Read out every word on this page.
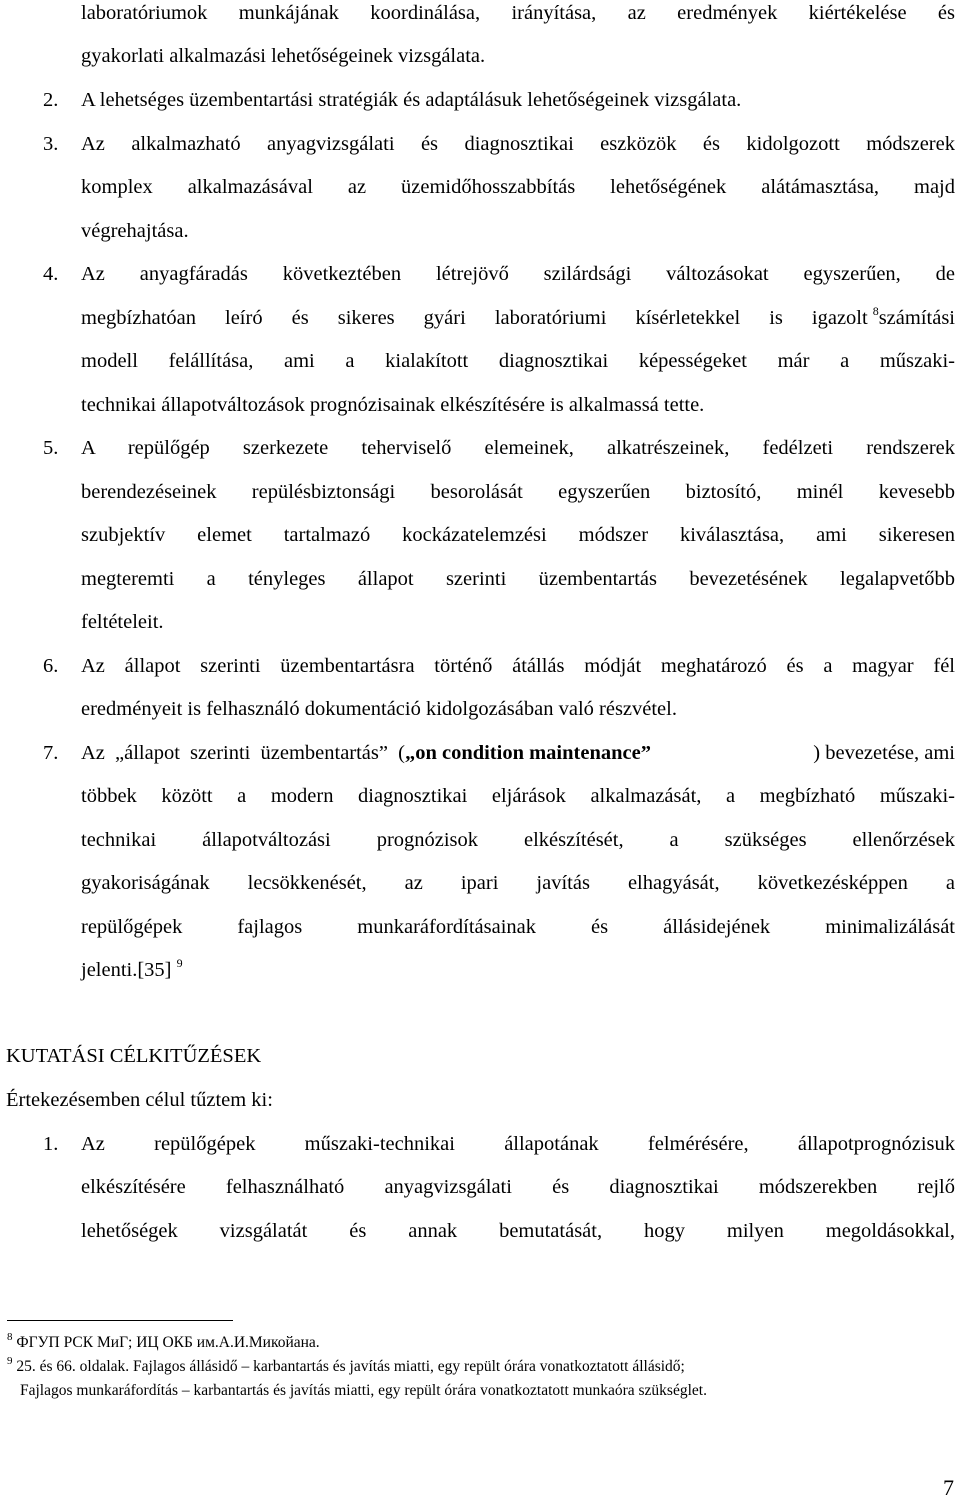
laboratóriumok munkájának koordinálása, irányítása, az eredmények kiértékelése és
gyakorlati alkalmazási lehetőségeinek vizsgálata.
2. A lehetséges üzembentartási stratégiák és adaptálásuk lehetőségeinek vizsgálata.
3. Az alkalmazható anyagvizsgálati és diagnosztikai eszközök és kidolgozott módszerek
komplex alkalmazásával az üzemidőhosszabbítás lehetőségének alátámasztása, majd
végrehajtása.
4. Az anyagfáradás következtében létrejövő szilárdsági változásokat egyszerűen, de
megbízhatóan leíró és sikeres gyári laboratóriumi kísérletekkel is igazolt $^8$számítási
modell felállítása, ami a kialakított diagnosztikai képességeket már a műszaki-
technikai állapotváltozások prognózisainak elkészítésére is alkalmassá tette.
5. A repülőgép szerkezete teherviselő elemeinek, alkatrészeinek, fedélzeti rendszerek
berendezéseinek repülésbiztonsági besorolását egyszerűen biztosító, minél kevesebb
szubjektív elemet tartalmazó kockázatelemzési módszer kiválasztása, ami sikeresen
megteremti a tényleges állapot szerinti üzembentartás bevezetésének legalapvetőbb
feltételeit.
6. Az állapot szerinti üzembentartásra történő átállás módját meghatározó és a magyar fél
eredményeit is felhasználó dokumentáció kidolgozásában való részvétel.
7. Az „állapot szerinti üzembentartás” ( „on condition maintenance”	) bevezetése, ami
többek között a modern diagnosztikai eljárások alkalmazását, a megbízható műszaki-
technikai állapotváltozási prognózisok elkészítését, a szükséges ellenőrzések
gyakoriságának lecsökkenését, az ipari javítás elhagyását, következésképpen a
repülőgépek fajlagos munkaráfordításainak és állásidejének minimalizálását
jelenti.[35] $^9$
KUTATÁSI CÉLKITŰZÉSEK
Értekezésemben célul tűztem ki:
1. Az repülőgépek műszaki-technikai állapotának felmérésére, állapotprognózisuk
elkészítésére felhasználható anyagvizsgálati és diagnosztikai módszerekben rejlő
lehetőségek vizsgálatát és annak bemutatását, hogy milyen megoldásokkal,
$^8$ ФГУП РСК МиГ; ИЦ ОКБ им.А.И.Микойана.
$^9$ 25. és 66. oldalak. Fajlagos állásidő – karbantartás és javítás miatti, egy repült órára vonatkoztatott állásidő;
Fajlagos munkaráfordítás – karbantartás és javítás miatti, egy repült órára vonatkoztatott munkaóra szükséglet.
7
